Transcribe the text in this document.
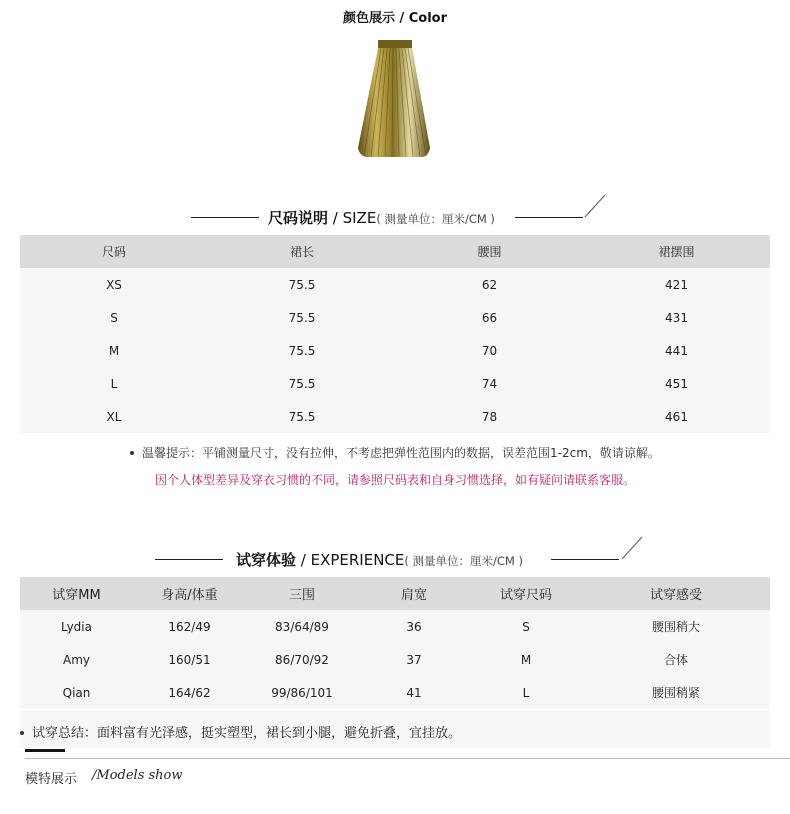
颜色展示 / Color
尺码说明 / SIZE( 测量单位：厘米/CM )
尺码	裙长	腰围	裙摆围
XS	75.5	62	421
S	75.5	66	431
M	75.5	70	441
L	75.5	74	451
XL	75.5	78	461
温馨提示：平铺测量尺寸，没有拉伸，不考虑把弹性范围内的数据，误差范围1-2cm，敬请谅解。
因个人体型差异及穿衣习惯的不同，请参照尺码表和自身习惯选择，如有疑问请联系客服。
试穿体验 / EXPERIENCE( 测量单位：厘米/CM )
试穿MM	身高/体重	三围	肩宽	试穿尺码	试穿感受
Lydia	162/49	83/64/89	36	S	腰围稍大
Amy	160/51	86/70/92	37	M	合体
Qian	164/62	99/86/101	41	L	腰围稍紧
试穿总结：面料富有光泽感，挺实塑型，裙长到小腿，避免折叠，宜挂放。
模特展示 /Models show
